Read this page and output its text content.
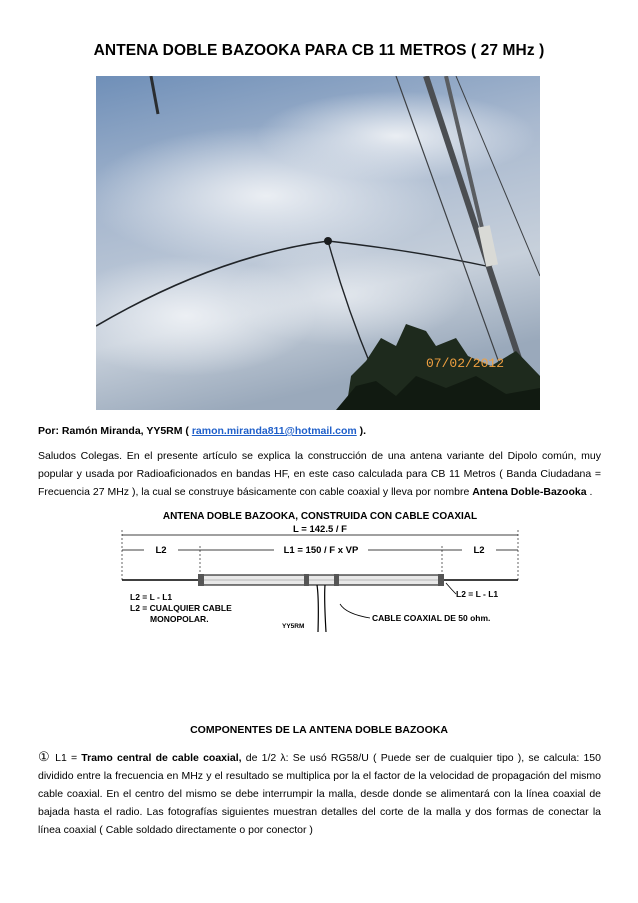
ANTENA DOBLE BAZOOKA PARA CB 11 METROS ( 27 MHz )
07/02/2012
Por: Ramón Miranda, YY5RM ( ramon.miranda811@hotmail.com ).
Saludos Colegas. En el presente artículo se explica la construcción de una antena variante del Dipolo común, muy popular y usada por Radioaficionados en bandas HF, en este caso calculada para CB 11 Metros ( Banda Ciudadana = Frecuencia 27 MHz ), la cual se construye básicamente con cable coaxial y lleva por nombre Antena Doble-Bazooka .
ANTENA DOBLE BAZOOKA, CONSTRUIDA CON CABLE COAXIAL
L = 142.5 / F
L2	L1 = 150 / F x VP	L2
L2 = L - L1
L2 = CUALQUIER CABLE
MONOPOLAR.
L2 = L - L1
CABLE COAXIAL DE 50 ohm.
YY5RM
COMPONENTES DE LA ANTENA DOBLE BAZOOKA
① L1 = Tramo central de cable coaxial, de 1/2 λ: Se usó RG58/U ( Puede ser de cualquier tipo ), se calcula: 150 dividido entre la frecuencia en MHz y el resultado se multiplica por la el factor de la velocidad de propagación del mismo cable coaxial. En el centro del mismo se debe interrumpir la malla, desde donde se alimentará con la línea coaxial de bajada hasta el radio. Las fotografías siguientes muestran detalles del corte de la malla y dos formas de conectar la línea coaxial ( Cable soldado directamente o por conector )
